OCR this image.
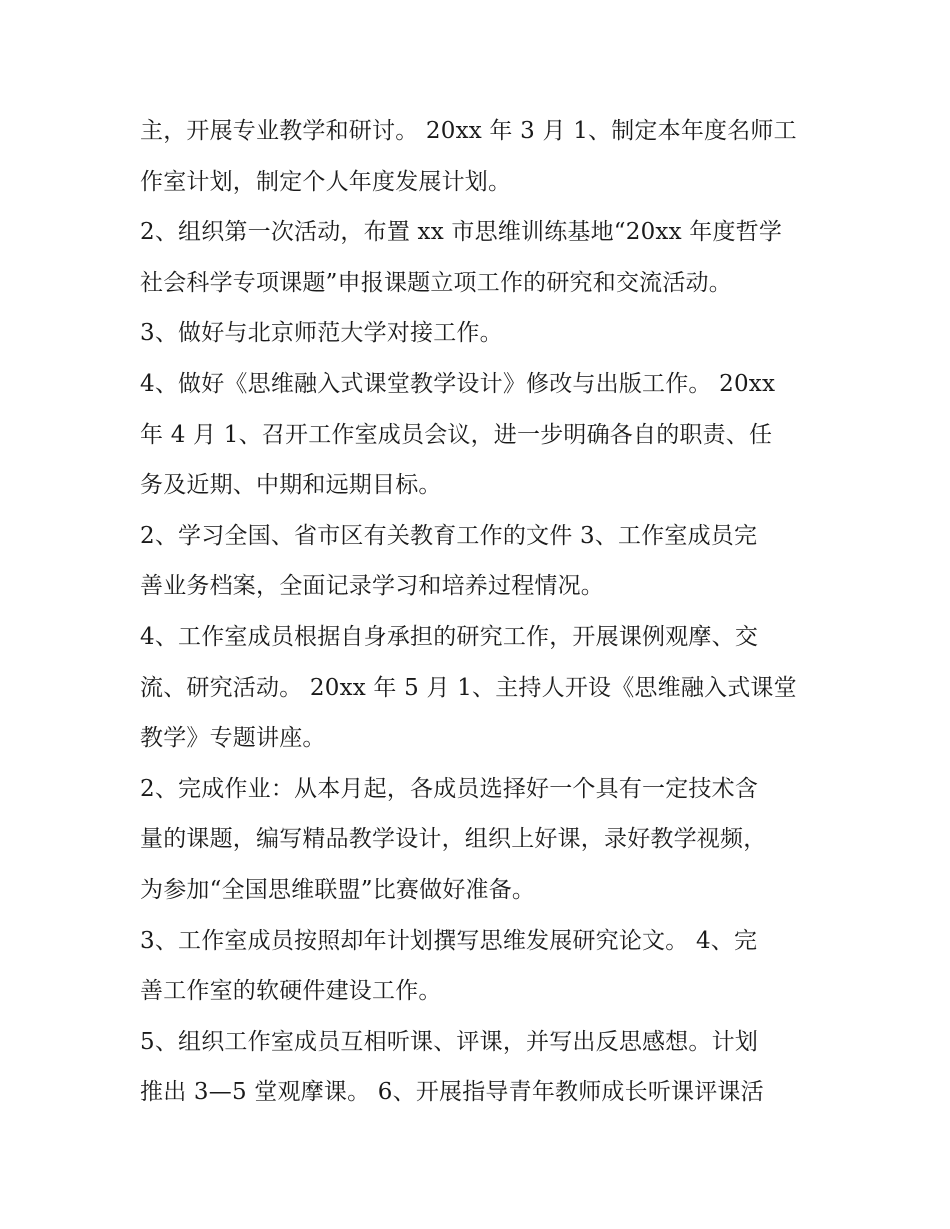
主，开展专业教学和研讨。 20xx 年 3 月 1、制定本年度名师工
作室计划，制定个人年度发展计划。
2、组织第一次活动，布置 xx 市思维训练基地“20xx 年度哲学
社会科学专项课题”申报课题立项工作的研究和交流活动。
3、做好与北京师范大学对接工作。
4、做好《思维融入式课堂教学设计》修改与出版工作。 20xx
年 4 月 1、召开工作室成员会议，进一步明确各自的职责、任
务及近期、中期和远期目标。
2、学习全国、省市区有关教育工作的文件 3、工作室成员完
善业务档案，全面记录学习和培养过程情况。
4、工作室成员根据自身承担的研究工作，开展课例观摩、交
流、研究活动。 20xx 年 5 月 1、主持人开设《思维融入式课堂
教学》专题讲座。
2、完成作业：从本月起，各成员选择好一个具有一定技术含
量的课题，编写精品教学设计，组织上好课，录好教学视频，
为参加“全国思维联盟”比赛做好准备。
3、工作室成员按照却年计划撰写思维发展研究论文。 4、完
善工作室的软硬件建设工作。
5、组织工作室成员互相听课、评课，并写出反思感想。计划
推出 3—5 堂观摩课。 6、开展指导青年教师成长听课评课活
